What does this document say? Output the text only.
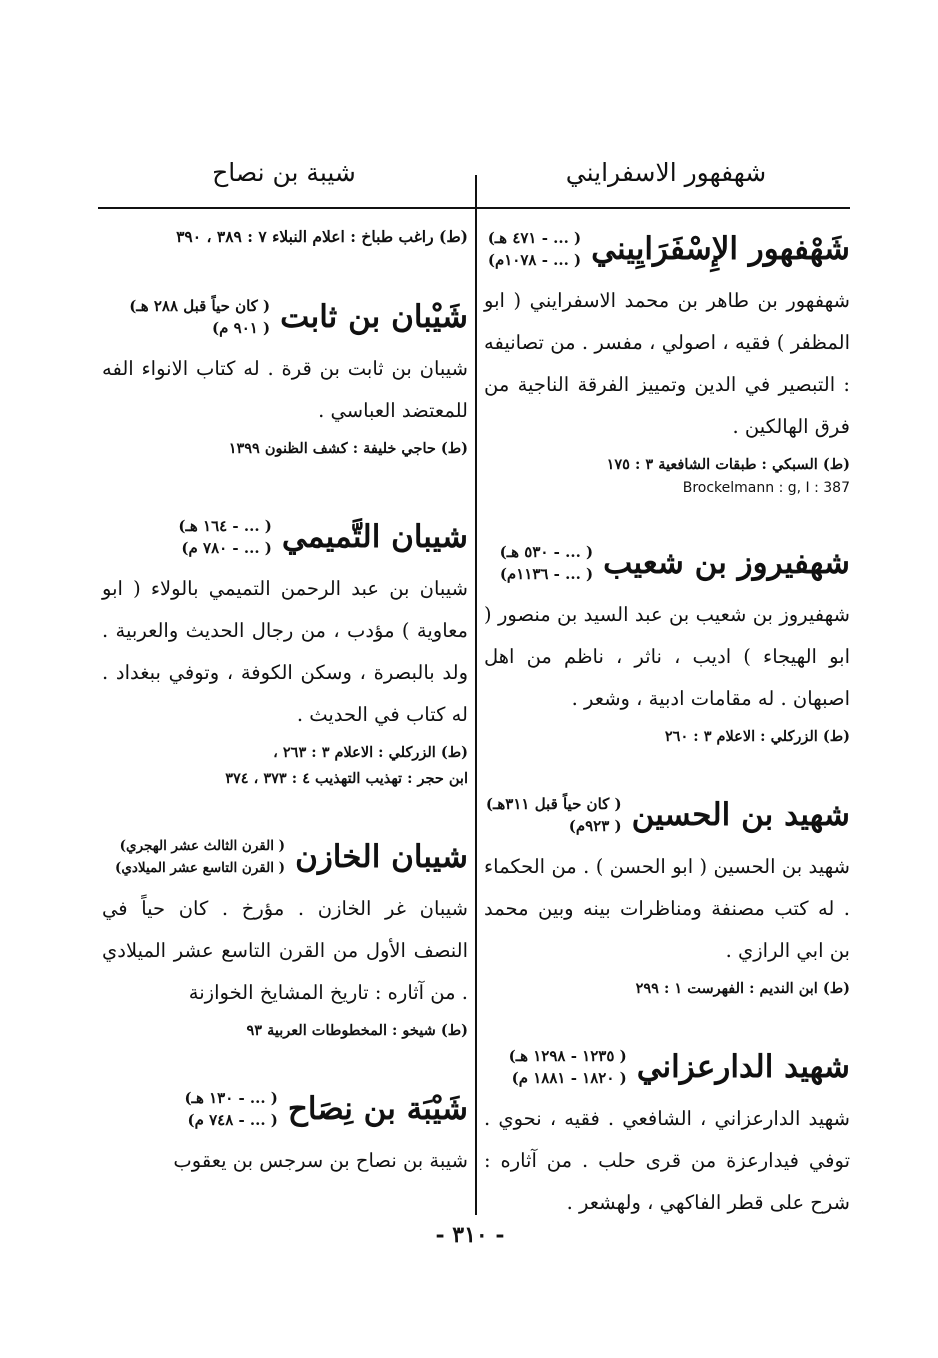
شهفهور الاسفرايني
شيبة بن نصاح
شَهْفهور الإِسْفَرَايِيني
( ... - ٤٧١ هـ)
( ... - ١٠٧٨م)
شهفهور بن طاهر بن محمد الاسفرايني ( ابو المظفر ) فقيه ، اصولي ، مفسر . من تصانيفه : التبصير في الدين وتمييز الفرقة الناجية من فرق الهالكين .
(ط) السبكي : طبقات الشافعية ٣ : ١٧٥
Brockelmann : g, I : 387
شهفيروز بن شعيب
( ... - ٥٣٠ هـ)
( ... - ١١٣٦م)
شهفيروز بن شعيب بن عبد السيد بن منصور ( ابو الهيجاء ) اديب ، ناثر ، ناظم من اهل اصبهان . له مقامات ادبية ، وشعر .
(ط) الزركلي : الاعلام ٣ : ٢٦٠
شهيد بن الحسين
( كان حياً قبل ٣١١هـ)
( ٩٢٣م)
شهيد بن الحسين ( ابو الحسن ) . من الحكماء . له كتب مصنفة ومناظرات بينه وبين محمد بن ابي الرازي .
(ط) ابن النديم : الفهرست ١ : ٢٩٩
شهيد الدارعزاني
( ١٢٣٥ - ١٢٩٨ هـ)
( ١٨٢٠ - ١٨٨١ م)
شهيد الدارعزاني ، الشافعي . فقيه ، نحوي . توفي فيدارعزة من قرى حلب . من آثاره : شرح على قطر الفاكهي ، ولهشعر .
(ط) راغب طباخ : اعلام النبلاء ٧ : ٣٨٩ ، ٣٩٠
شَيْبان بن ثابت
( كان حياً قبل ٢٨٨ هـ)
( ٩٠١ م)
شيبان بن ثابت بن قرة . له كتاب الانواء الفه للمعتضد العباسي .
(ط) حاجي خليفة : كشف الظنون ١٣٩٩
شيبان التَّميمي
( ... - ١٦٤ هـ)
( ... - ٧٨٠ م)
شيبان بن عبد الرحمن التميمي بالولاء ( ابو معاوية ) مؤدب ، من رجال الحديث والعربية . ولد بالبصرة ، وسكن الكوفة ، وتوفي ببغداد . له كتاب في الحديث .
(ط) الزركلي : الاعلام ٣ : ٢٦٣ ،
ابن حجر : تهذيب التهذيب ٤ : ٣٧٣ ، ٣٧٤
شيبان الخازن
( القرن الثالث عشر الهجري)
( القرن التاسع عشر الميلادي)
شيبان غر الخازن . مؤرخ . كان حياً في النصف الأول من القرن التاسع عشر الميلادي . من آثاره : تاريخ المشايخ الخوازنة
(ط) شيخو : المخطوطات العربية ٩٣
شَيْبَة بن نِصَاح
( ... - ١٣٠ هـ)
( ... - ٧٤٨ م)
شيبة بن نصاح بن سرجس بن يعقوب
- ٣١٠ -
